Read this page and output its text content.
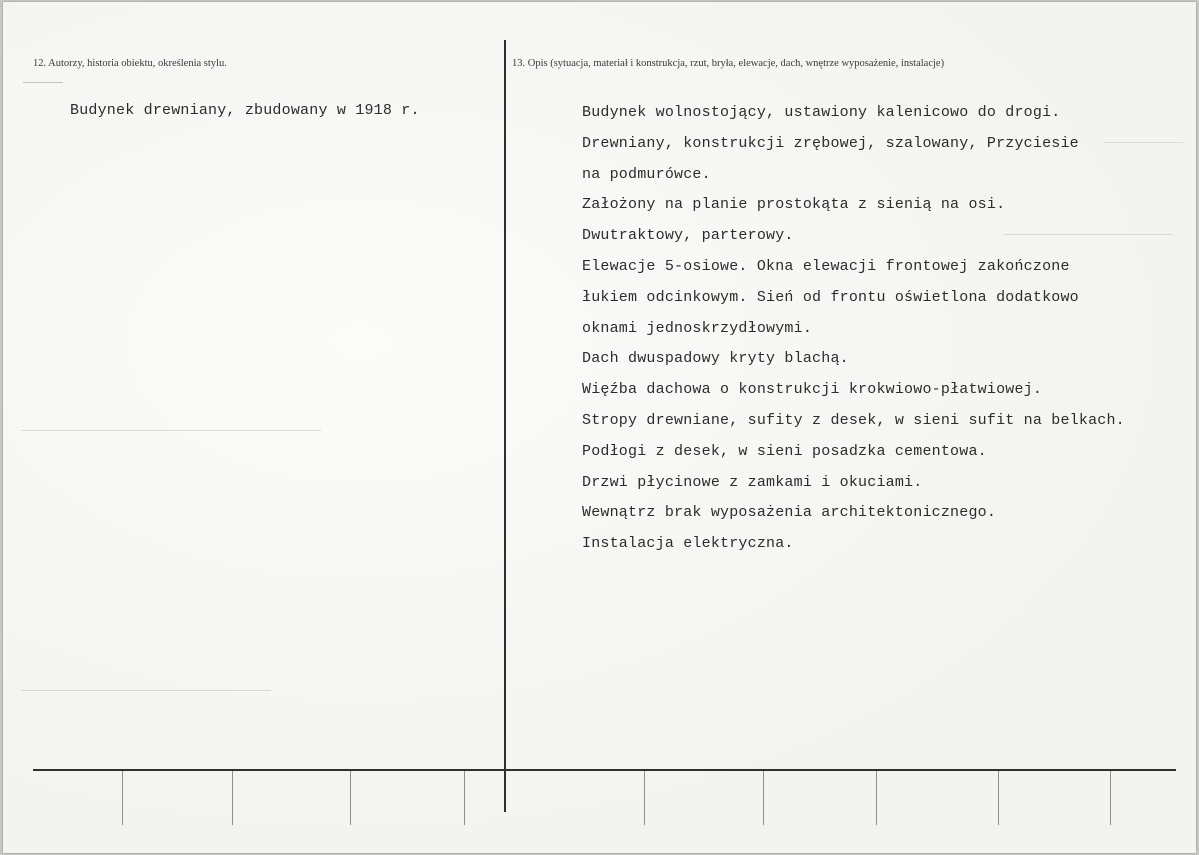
12. Autorzy, historia obiektu, określenia stylu.	13. Opis (sytuacja, materiał i konstrukcja, rzut, bryła, elewacje, dach, wnętrze wyposażenie, instalacje)
Budynek drewniany, zbudowany w 1918 r.	Budynek wolnostojący, ustawiony kalenicowo do drogi.
Drewniany, konstrukcji zrębowej, szalowany, Przyciesie
na podmurówce.
Założony na planie prostokąta z sienią na osi.
Dwutraktowy, parterowy.
Elewacje 5-osiowe. Okna elewacji frontowej zakończone
łukiem odcinkowym. Sień od frontu oświetlona dodatkowo
oknami jednoskrzydłowymi.
Dach dwuspadowy kryty blachą.
Więźba dachowa o konstrukcji krokwiowo-płatwiowej.
Stropy drewniane, sufity z desek, w sieni sufit na belkach.
Podłogi z desek, w sieni posadzka cementowa.
Drzwi płycinowe z zamkami i okuciami.
Wewnątrz brak wyposażenia architektonicznego.
Instalacja elektryczna.
